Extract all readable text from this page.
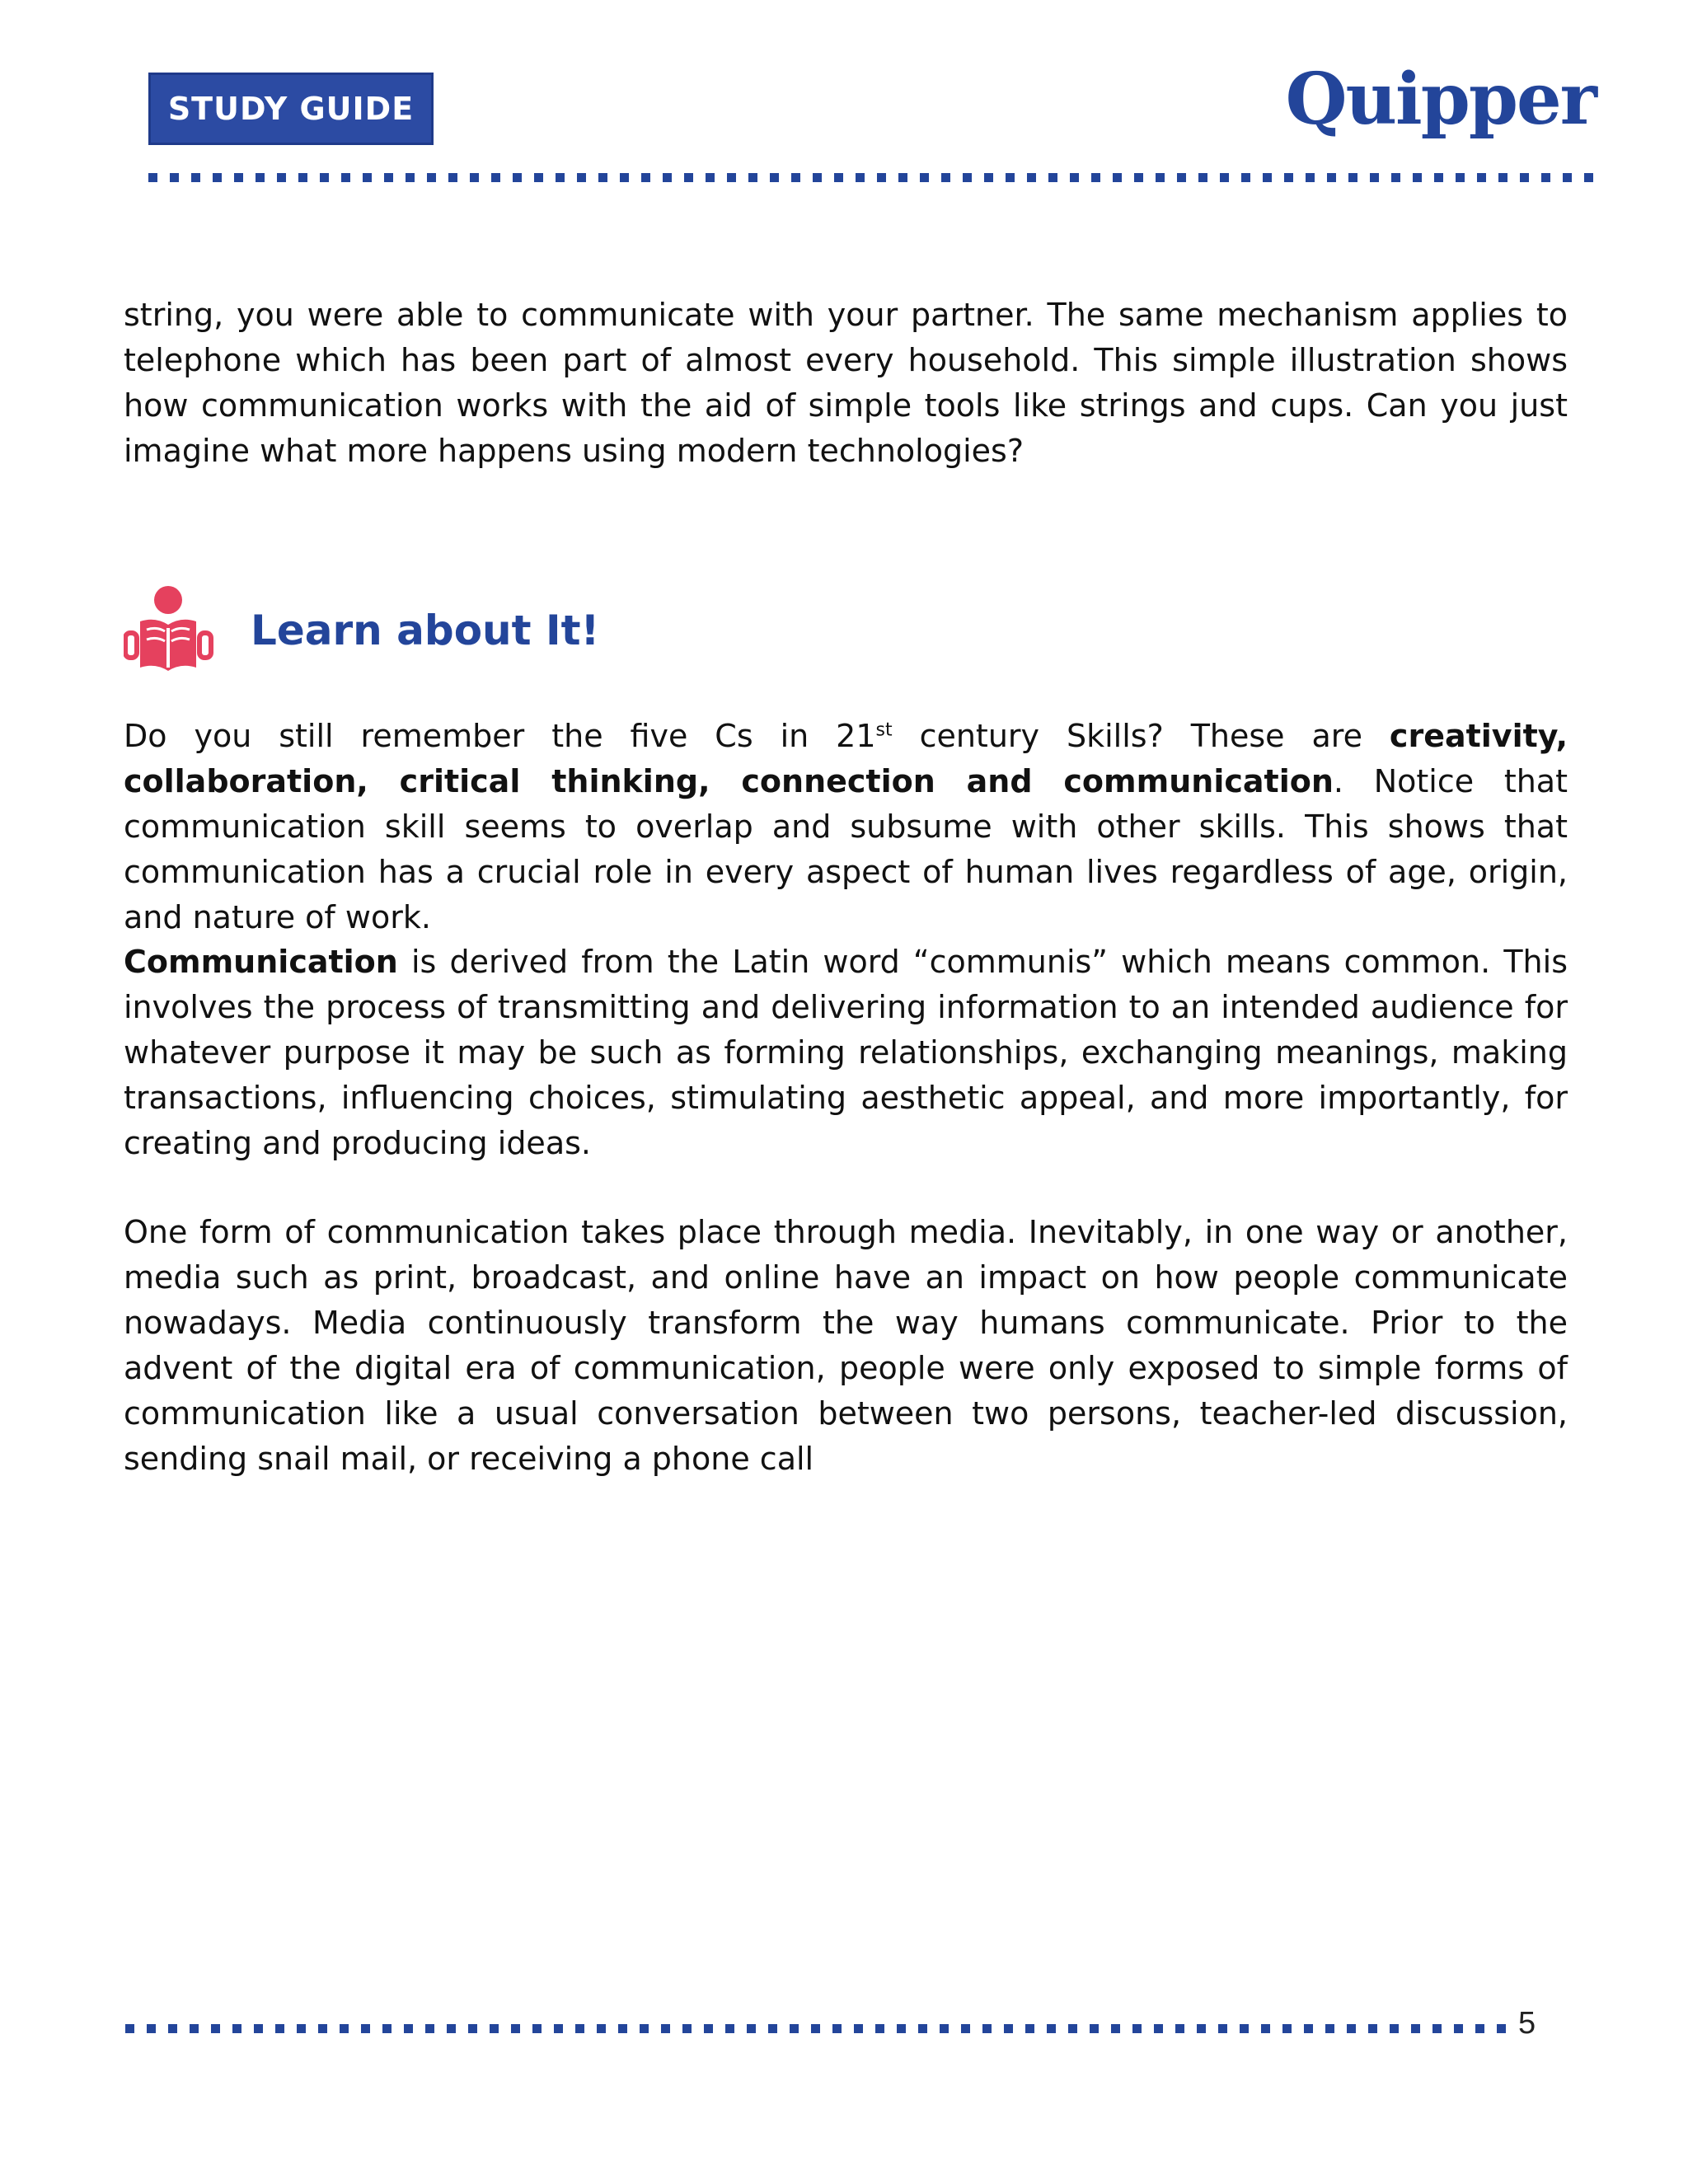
STUDY GUIDE	Quipper

string, you were able to communicate with your partner. The same mechanism applies to telephone which has been part of almost every household. This simple illustration shows how communication works with the aid of simple tools like strings and cups. Can you just imagine what more happens using modern technologies?

Learn about It!

Do you still remember the five Cs in 21st century Skills? These are creativity, collaboration, critical thinking, connection and communication. Notice that communication skill seems to overlap and subsume with other skills. This shows that communication has a crucial role in every aspect of human lives regardless of age, origin, and nature of work.

Communication is derived from the Latin word “communis” which means common. This involves the process of transmitting and delivering information to an intended audience for whatever purpose it may be such as forming relationships, exchanging meanings, making transactions, influencing choices, stimulating aesthetic appeal, and more importantly, for creating and producing ideas.

One form of communication takes place through media. Inevitably, in one way or another, media such as print, broadcast, and online have an impact on how people communicate nowadays. Media continuously transform the way humans communicate. Prior to the advent of the digital era of communication, people were only exposed to simple forms of communication like a usual conversation between two persons, teacher-led discussion, sending snail mail, or receiving a phone call

5
